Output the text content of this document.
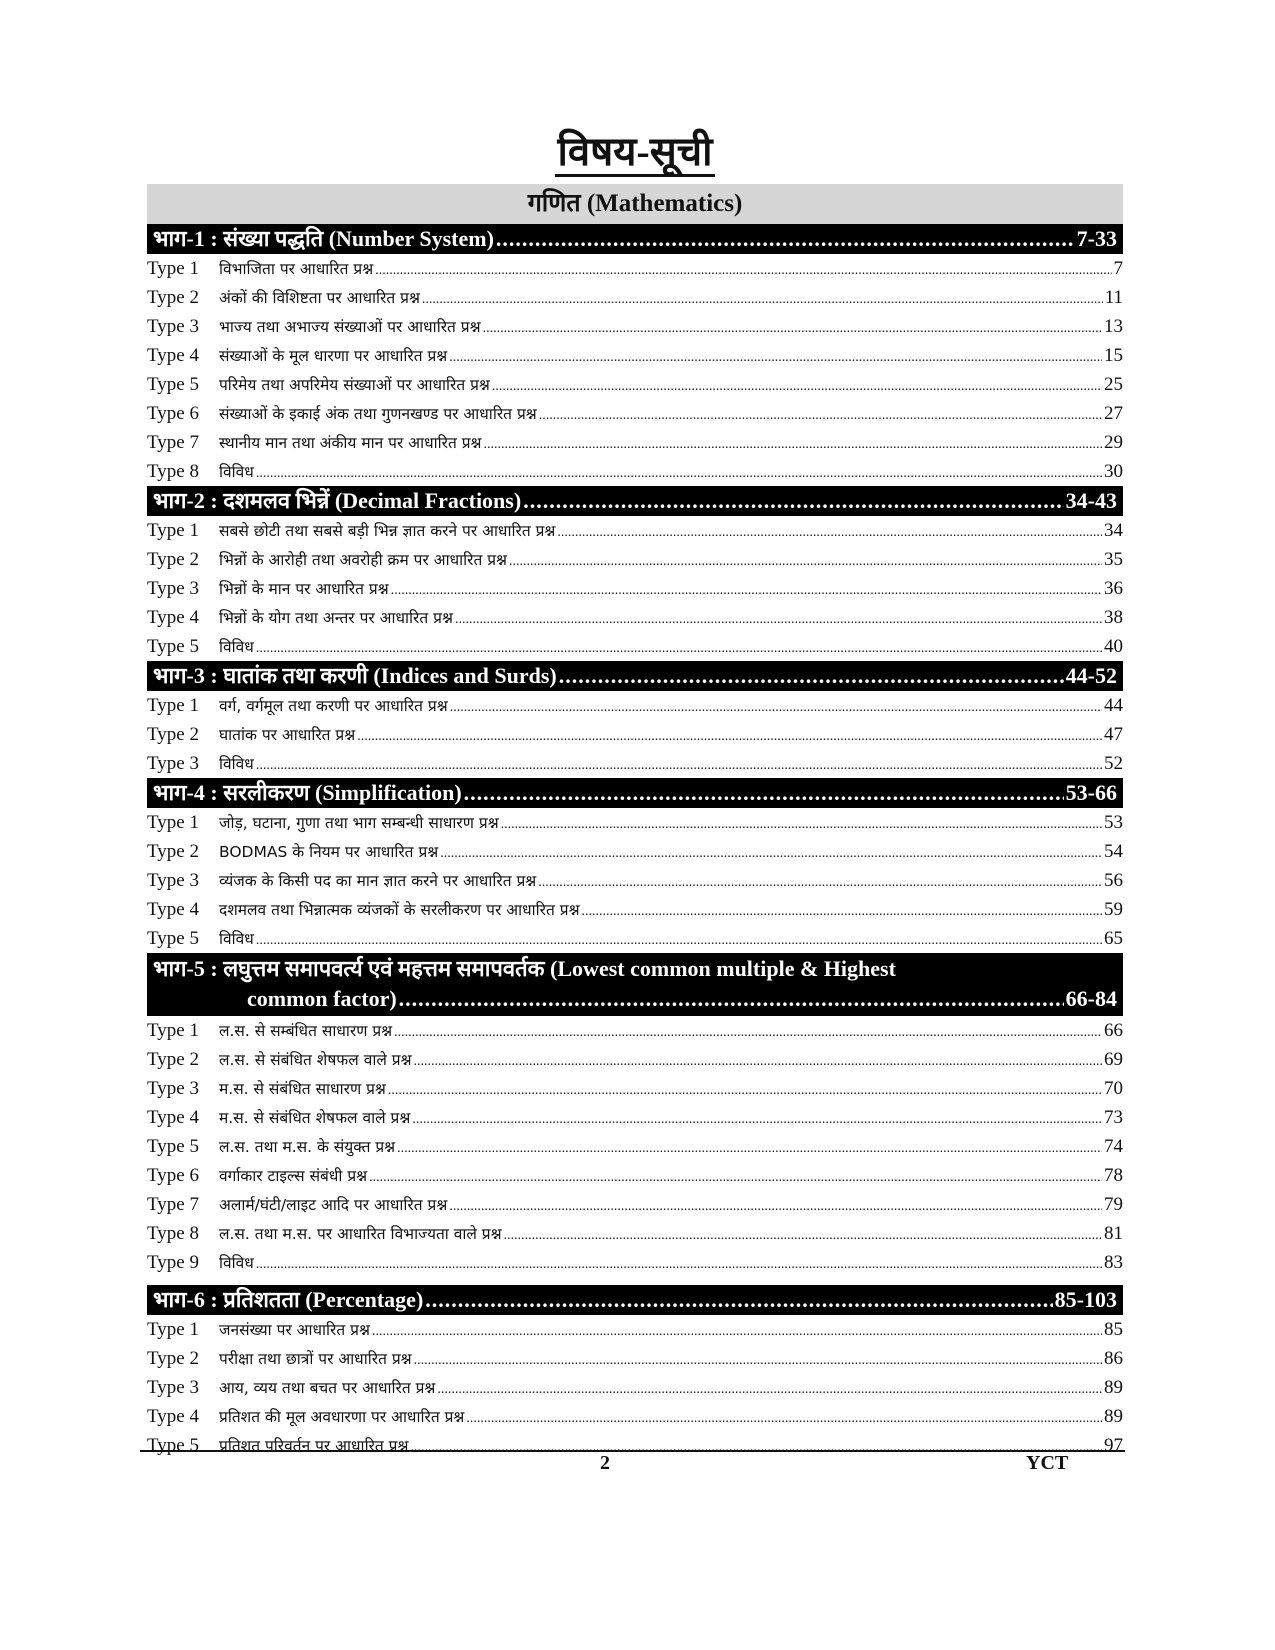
विषय-सूची
गणित (Mathematics)
भाग-1 : संख्या पद्धति (Number System) .....	7-33
Type 1	विभाजिता पर आधारित प्रश्न .....	7
Type 2	अंकों की विशिष्टता पर आधारित प्रश्न .....	11
Type 3	भाज्य तथा अभाज्य संख्याओं पर आधारित प्रश्न .....	13
Type 4	संख्याओं के मूल धारणा पर आधारित प्रश्न .....	15
Type 5	परिमेय तथा अपरिमेय संख्याओं पर आधारित प्रश्न .....	25
Type 6	संख्याओं के इकाई अंक तथा गुणनखण्ड पर आधारित प्रश्न .....	27
Type 7	स्थानीय मान तथा अंकीय मान पर आधारित प्रश्न .....	29
Type 8	विविध .....	30
भाग-2 : दशमलव भिन्नें (Decimal Fractions) .....	34-43
Type 1	सबसे छोटी तथा सबसे बड़ी भिन्न ज्ञात करने पर आधारित प्रश्न .....	34
Type 2	भिन्नों के आरोही तथा अवरोही क्रम पर आधारित प्रश्न .....	35
Type 3	भिन्नों के मान पर आधारित प्रश्न .....	36
Type 4	भिन्नों के योग तथा अन्तर पर आधारित प्रश्न .....	38
Type 5	विविध .....	40
भाग-3 : घातांक तथा करणी (Indices and Surds) .....	44-52
Type 1	वर्ग, वर्गमूल तथा करणी पर आधारित प्रश्न .....	44
Type 2	घातांक पर आधारित प्रश्न .....	47
Type 3	विविध .....	52
भाग-4 : सरलीकरण (Simplification) .....	53-66
Type 1	जोड़, घटाना, गुणा तथा भाग सम्बन्धी साधारण प्रश्न .....	53
Type 2	BODMAS के नियम पर आधारित प्रश्न .....	54
Type 3	व्यंजक के किसी पद का मान ज्ञात करने पर आधारित प्रश्न .....	56
Type 4	दशमलव तथा भिन्नात्मक व्यंजकों के सरलीकरण पर आधारित प्रश्न .....	59
Type 5	विविध .....	65
भाग-5 : लघुत्तम समापवर्त्य एवं महत्तम समापवर्तक (Lowest common multiple & Highest
common factor) .....	66-84
Type 1	ल.स. से सम्बंधित साधारण प्रश्न .....	66
Type 2	ल.स. से संबंधित शेषफल वाले प्रश्न .....	69
Type 3	म.स. से संबंधित साधारण प्रश्न .....	70
Type 4	म.स. से संबंधित शेषफल वाले प्रश्न .....	73
Type 5	ल.स. तथा म.स. के संयुक्त प्रश्न .....	74
Type 6	वर्गाकार टाइल्स संबंधी प्रश्न .....	78
Type 7	अलार्म/घंटी/लाइट आदि पर आधारित प्रश्न .....	79
Type 8	ल.स. तथा म.स. पर आधारित विभाज्यता वाले प्रश्न .....	81
Type 9	विविध .....	83
भाग-6 : प्रतिशतता (Percentage) .....	85-103
Type 1	जनसंख्या पर आधारित प्रश्न .....	85
Type 2	परीक्षा तथा छात्रों पर आधारित प्रश्न .....	86
Type 3	आय, व्यय तथा बचत पर आधारित प्रश्न .....	89
Type 4	प्रतिशत की मूल अवधारणा पर आधारित प्रश्न .....	89
Type 5	प्रतिशत परिवर्तन पर आधारित प्रश्न .....	97
2	YCT
